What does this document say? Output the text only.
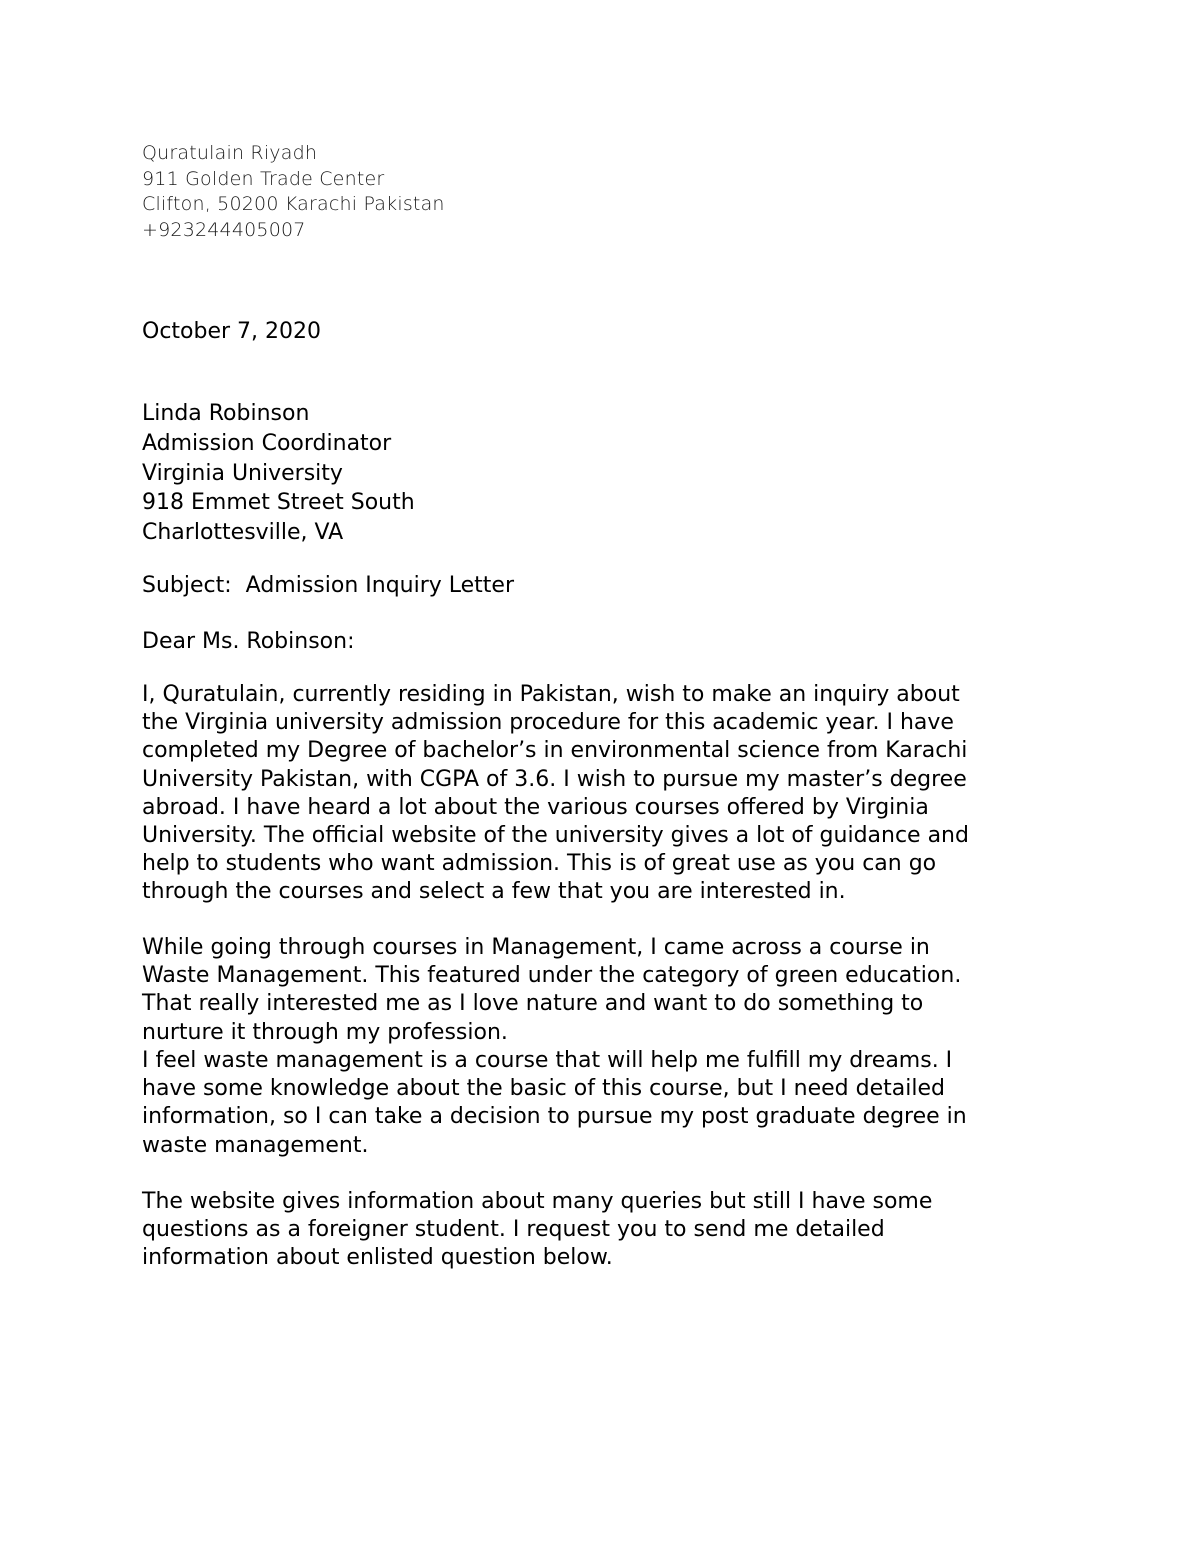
Quratulain Riyadh
911 Golden Trade Center
Clifton, 50200 Karachi Pakistan
+923244405007
October 7, 2020
Linda Robinson
Admission Coordinator
Virginia University
918 Emmet Street South
Charlottesville, VA
Subject: Admission Inquiry Letter
Dear Ms. Robinson:

I, Quratulain, currently residing in Pakistan, wish to make an inquiry about
the Virginia university admission procedure for this academic year. I have
completed my Degree of bachelor’s in environmental science from Karachi
University Pakistan, with CGPA of 3.6. I wish to pursue my master’s degree
abroad. I have heard a lot about the various courses offered by Virginia
University. The official website of the university gives a lot of guidance and
help to students who want admission. This is of great use as you can go
through the courses and select a few that you are interested in.

While going through courses in Management, I came across a course in
Waste Management. This featured under the category of green education.
That really interested me as I love nature and want to do something to
nurture it through my profession.

I feel waste management is a course that will help me fulfill my dreams. I
have some knowledge about the basic of this course, but I need detailed
information, so I can take a decision to pursue my post graduate degree in
waste management.

The website gives information about many queries but still I have some
questions as a foreigner student. I request you to send me detailed
information about enlisted question below.
